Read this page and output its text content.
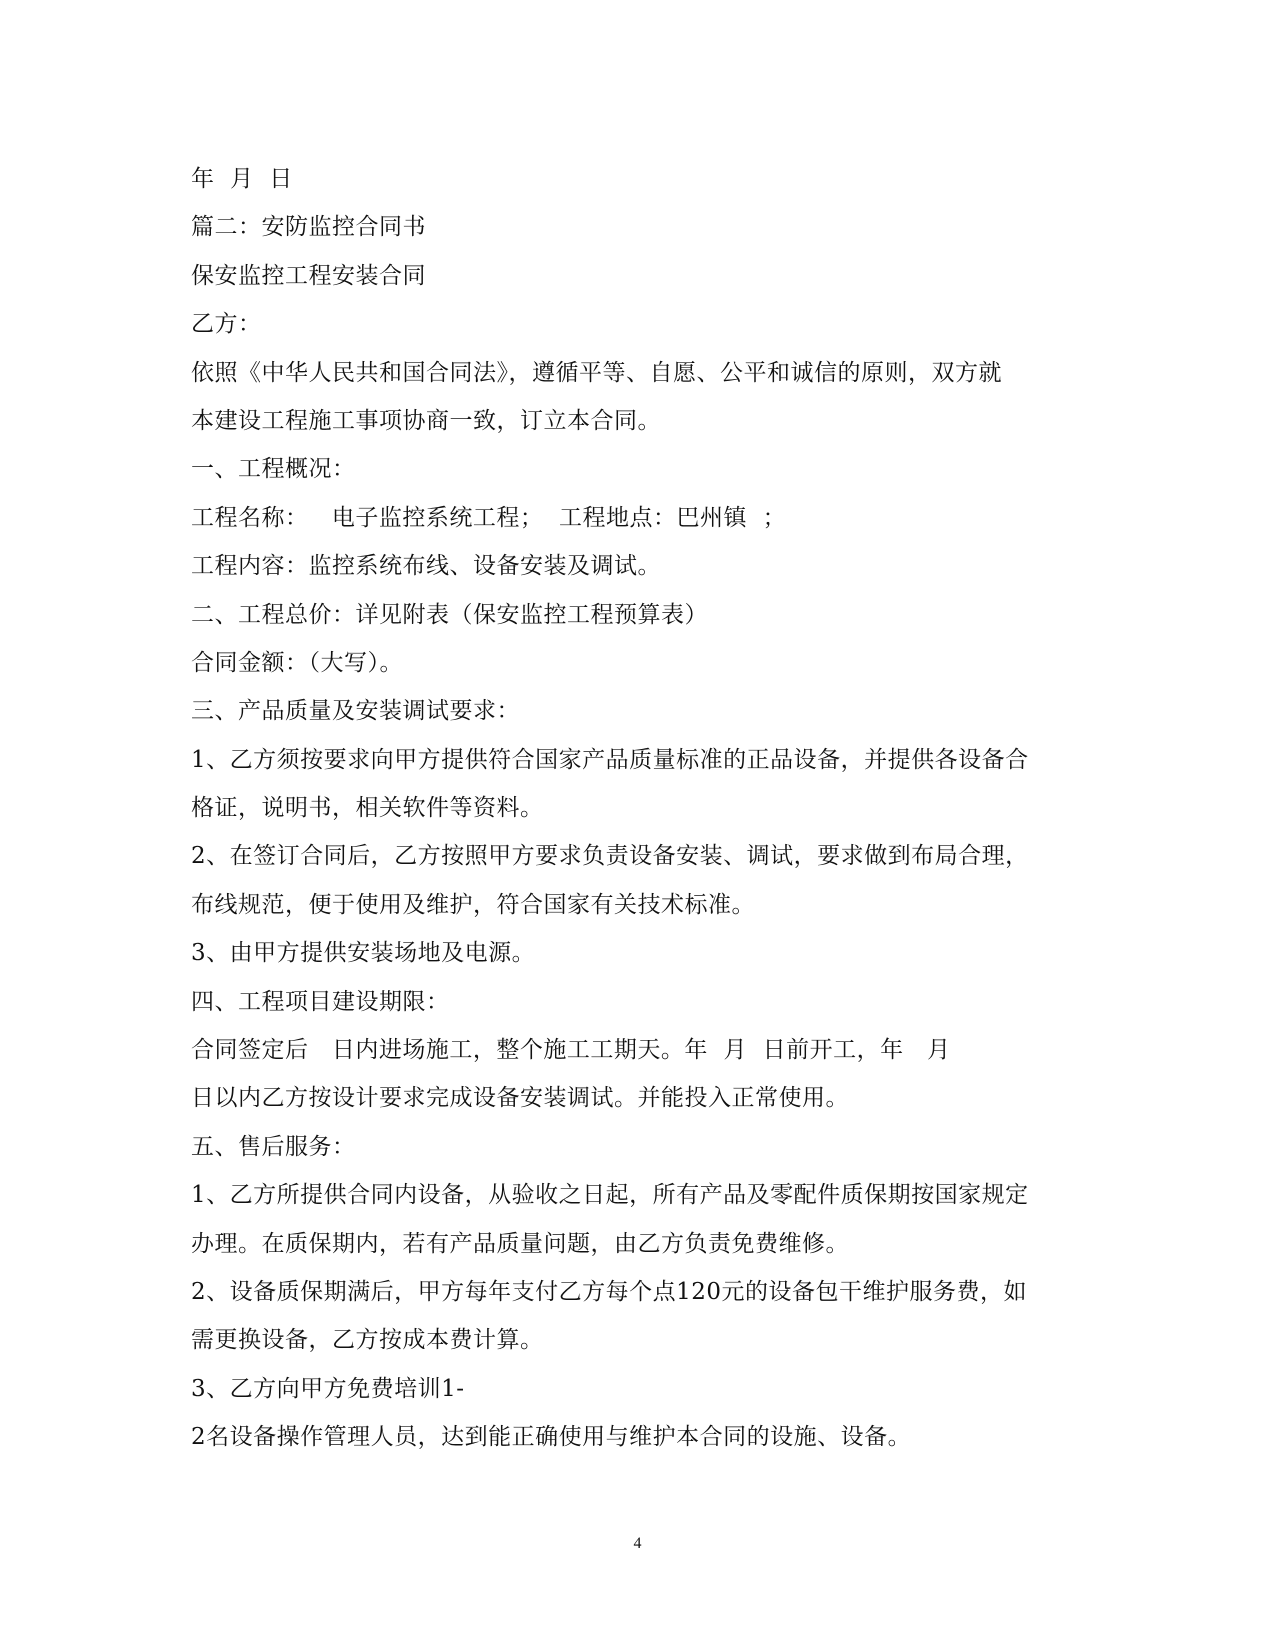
年  月  日
篇二：安防监控合同书
保安监控工程安装合同
乙方：
依照《中华人民共和国合同法》，遵循平等、自愿、公平和诚信的原则，双方就
本建设工程施工事项协商一致，订立本合同。
一、工程概况：
工程名称：   电子监控系统工程；  工程地点：巴州镇  ；
工程内容：监控系统布线、设备安装及调试。
二、工程总价：详见附表（保安监控工程预算表）
合同金额：（大写）。
三、产品质量及安装调试要求：
1、乙方须按要求向甲方提供符合国家产品质量标准的正品设备，并提供各设备合
格证，说明书，相关软件等资料。
2、在签订合同后，乙方按照甲方要求负责设备安装、调试，要求做到布局合理，
布线规范，便于使用及维护，符合国家有关技术标准。
3、由甲方提供安装场地及电源。
四、工程项目建设期限：
合同签定后   日内进场施工，整个施工工期天。年  月  日前开工，年   月
日以内乙方按设计要求完成设备安装调试。并能投入正常使用。
五、售后服务：
1、乙方所提供合同内设备，从验收之日起，所有产品及零配件质保期按国家规定
办理。在质保期内，若有产品质量问题，由乙方负责免费维修。
2、设备质保期满后，甲方每年支付乙方每个点120元的设备包干维护服务费，如
需更换设备，乙方按成本费计算。
3、乙方向甲方免费培训1-
2名设备操作管理人员，达到能正确使用与维护本合同的设施、设备。
4
